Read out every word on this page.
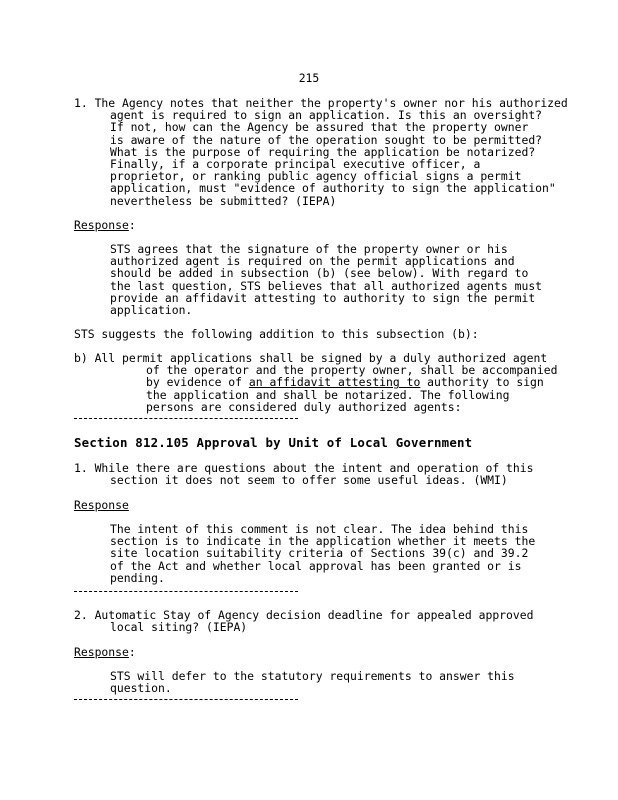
215
1. The Agency notes that neither the property's owner nor his authorized
agent is required to sign an application. Is this an oversight?
If not, how can the Agency be assured that the property owner
is aware of the nature of the operation sought to be permitted?
What is the purpose of requiring the application be notarized?
Finally, if a corporate principal executive officer, a
proprietor, or ranking public agency official signs a permit
application, must "evidence of authority to sign the application"
nevertheless be submitted? (IEPA)
Response:
STS agrees that the signature of the property owner or his
authorized agent is required on the permit applications and
should be added in subsection (b) (see below). With regard to
the last question, STS believes that all authorized agents must
provide an affidavit attesting to authority to sign the permit
application.
STS suggests the following addition to this subsection (b):
b) All permit applications shall be signed by a duly authorized agent
of the operator and the property owner, shall be accompanied
by evidence of an affidavit attesting to authority to sign
the application and shall be notarized. The following
persons are considered duly authorized agents:
Section 812.105 Approval by Unit of Local Government
1. While there are questions about the intent and operation of this
section it does not seem to offer some useful ideas. (WMI)
Response
The intent of this comment is not clear. The idea behind this
section is to indicate in the application whether it meets the
site location suitability criteria of Sections 39(c) and 39.2
of the Act and whether local approval has been granted or is
pending.
2. Automatic Stay of Agency decision deadline for appealed approved
local siting? (IEPA)
Response:
STS will defer to the statutory requirements to answer this
question.
